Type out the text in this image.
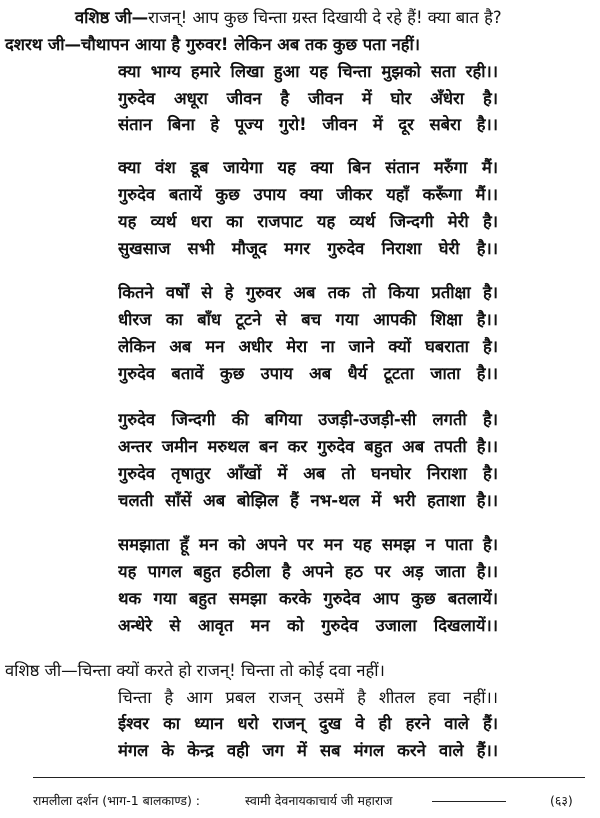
वशिष्ठ जी—राजन्! आप कुछ चिन्ता ग्रस्त दिखायी दे रहे हैं! क्या बात है?
दशरथ जी—चौथापन आया है गुरुवर! लेकिन अब तक कुछ पता नहीं।
क्या भाग्य हमारे लिखा हुआ यह चिन्ता मुझको सता रही।।
गुरुदेव अधूरा जीवन है जीवन में घोर अँधेरा है।
संतान बिना हे पूज्य गुरो! जीवन में दूर सबेरा है।।
क्या वंश डूब जायेगा यह क्या बिन संतान मरुँगा मैं।
गुरुदेव बतायें कुछ उपाय क्या जीकर यहाँ करूँगा मैं।।
यह व्यर्थ धरा का राजपाट यह व्यर्थ जिन्दगी मेरी है।
सुखसाज सभी मौजूद मगर गुरुदेव निराशा घेरी है।।
कितने वर्षों से हे गुरुवर अब तक तो किया प्रतीक्षा है।
धीरज का बाँध टूटने से बच गया आपकी शिक्षा है।।
लेकिन अब मन अधीर मेरा ना जाने क्यों घबराता है।
गुरुदेव बतावें कुछ उपाय अब धैर्य टूटता जाता है।।
गुरुदेव जिन्दगी की बगिया उजड़ी-उजड़ी-सी लगती है।
अन्तर जमीन मरुथल बन कर गुरुदेव बहुत अब तपती है।।
गुरुदेव तृषातुर आँखों में अब तो घनघोर निराशा है।
चलती साँसें अब बोझिल हैं नभ-थल में भरी हताशा है।।
समझाता हूँ मन को अपने पर मन यह समझ न पाता है।
यह पागल बहुत हठीला है अपने हठ पर अड़ जाता है।।
थक गया बहुत समझा करके गुरुदेव आप कुछ बतलायें।
अन्धेरे से आवृत मन को गुरुदेव उजाला दिखलायें।।
वशिष्ठ जी—चिन्ता क्यों करते हो राजन्! चिन्ता तो कोई दवा नहीं।
चिन्ता है आग प्रबल राजन् उसमें है शीतल हवा नहीं।।
ईश्वर का ध्यान धरो राजन् दुख वे ही हरने वाले हैं।
मंगल के केन्द्र वही जग में सब मंगल करने वाले हैं।।
रामलीला दर्शन (भाग-1 बालकाण्ड) :	स्वामी देवनायकाचार्य जी महाराज	(६३)
